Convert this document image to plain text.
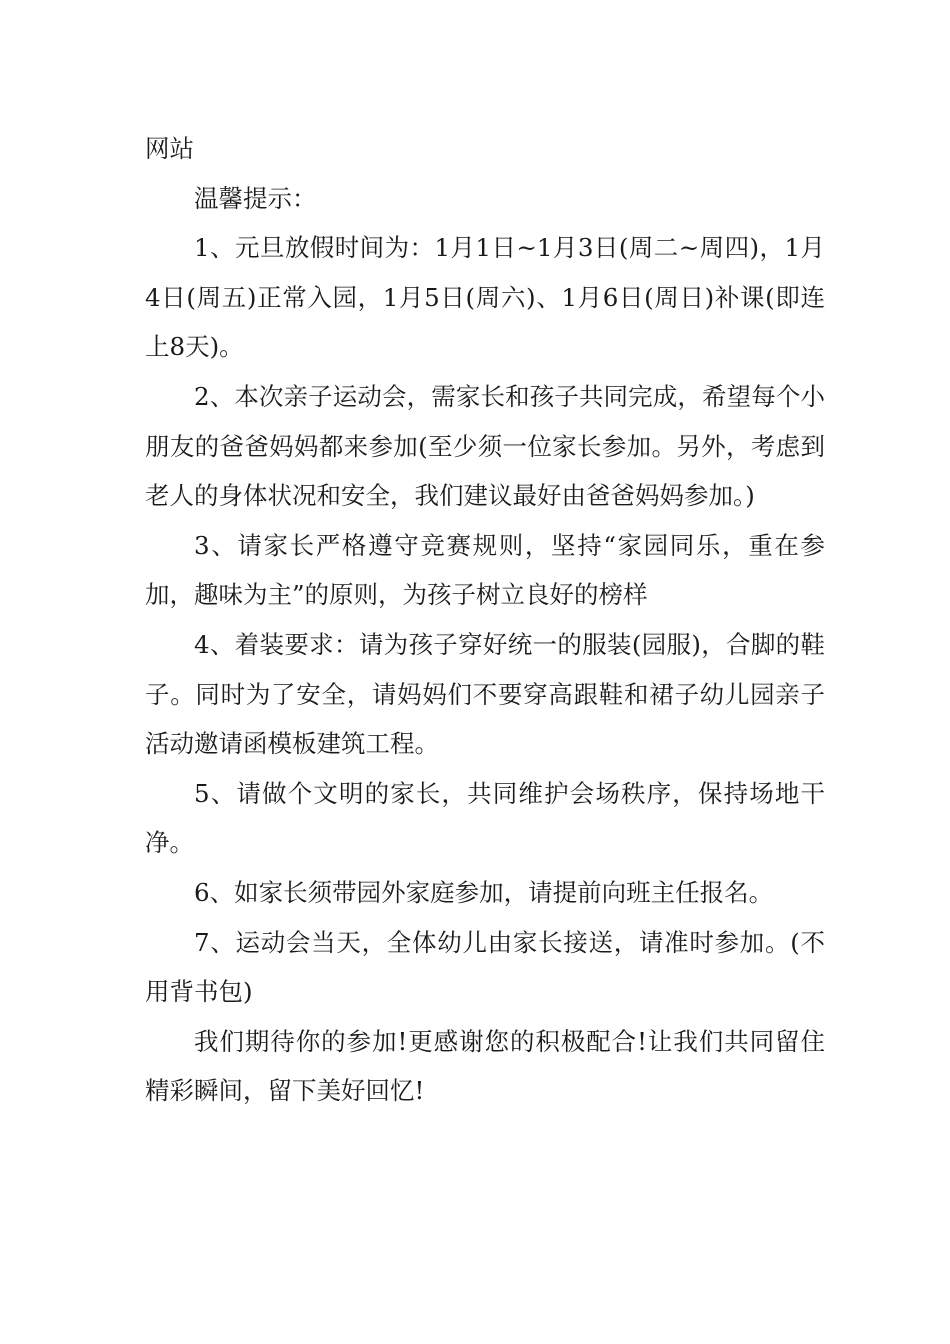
网站

温馨提示：

1、元旦放假时间为：1月1日~1月3日(周二~周四)，1月4日(周五)正常入园，1月5日(周六)、1月6日(周日)补课(即连上8天)。

2、本次亲子运动会，需家长和孩子共同完成，希望每个小朋友的爸爸妈妈都来参加(至少须一位家长参加。另外，考虑到老人的身体状况和安全，我们建议最好由爸爸妈妈参加。)

3、请家长严格遵守竞赛规则，坚持“家园同乐，重在参加，趣味为主”的原则，为孩子树立良好的榜样

4、着装要求：请为孩子穿好统一的服装(园服)，合脚的鞋子。同时为了安全，请妈妈们不要穿高跟鞋和裙子幼儿园亲子活动邀请函模板建筑工程。

5、请做个文明的家长，共同维护会场秩序，保持场地干净。

6、如家长须带园外家庭参加，请提前向班主任报名。

7、运动会当天，全体幼儿由家长接送，请准时参加。(不用背书包)

我们期待你的参加!更感谢您的积极配合!让我们共同留住精彩瞬间，留下美好回忆!
